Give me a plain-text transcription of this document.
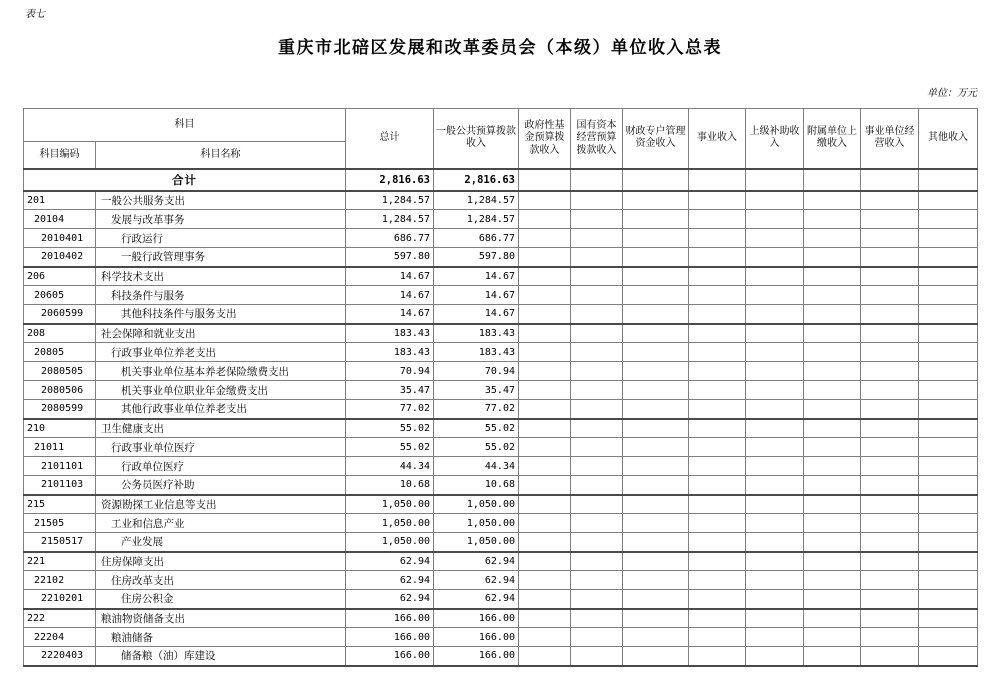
表七
重庆市北碚区发展和改革委员会（本级）单位收入总表
单位：万元
科目		总计	一般公共预算拨款收入	政府性基金预算拨款收入	国有资本经营预算拨款收入	财政专户管理资金收入	事业收入	上级补助收入	附属单位上缴收入	事业单位经营收入	其他收入
科目编码	科目名称										
合计		2,816.63	2,816.63								
201	一般公共服务支出	1,284.57	1,284.57								
20104	发展与改革事务	1,284.57	1,284.57								
2010401	行政运行	686.77	686.77								
2010402	一般行政管理事务	597.80	597.80								
206	科学技术支出	14.67	14.67								
20605	科技条件与服务	14.67	14.67								
2060599	其他科技条件与服务支出	14.67	14.67								
208	社会保障和就业支出	183.43	183.43								
20805	行政事业单位养老支出	183.43	183.43								
2080505	机关事业单位基本养老保险缴费支出	70.94	70.94								
2080506	机关事业单位职业年金缴费支出	35.47	35.47								
2080599	其他行政事业单位养老支出	77.02	77.02								
210	卫生健康支出	55.02	55.02								
21011	行政事业单位医疗	55.02	55.02								
2101101	行政单位医疗	44.34	44.34								
2101103	公务员医疗补助	10.68	10.68								
215	资源勘探工业信息等支出	1,050.00	1,050.00								
21505	工业和信息产业	1,050.00	1,050.00								
2150517	产业发展	1,050.00	1,050.00								
221	住房保障支出	62.94	62.94								
22102	住房改革支出	62.94	62.94								
2210201	住房公积金	62.94	62.94								
222	粮油物资储备支出	166.00	166.00								
22204	粮油储备	166.00	166.00								
2220403	储备粮（油）库建设	166.00	166.00								
